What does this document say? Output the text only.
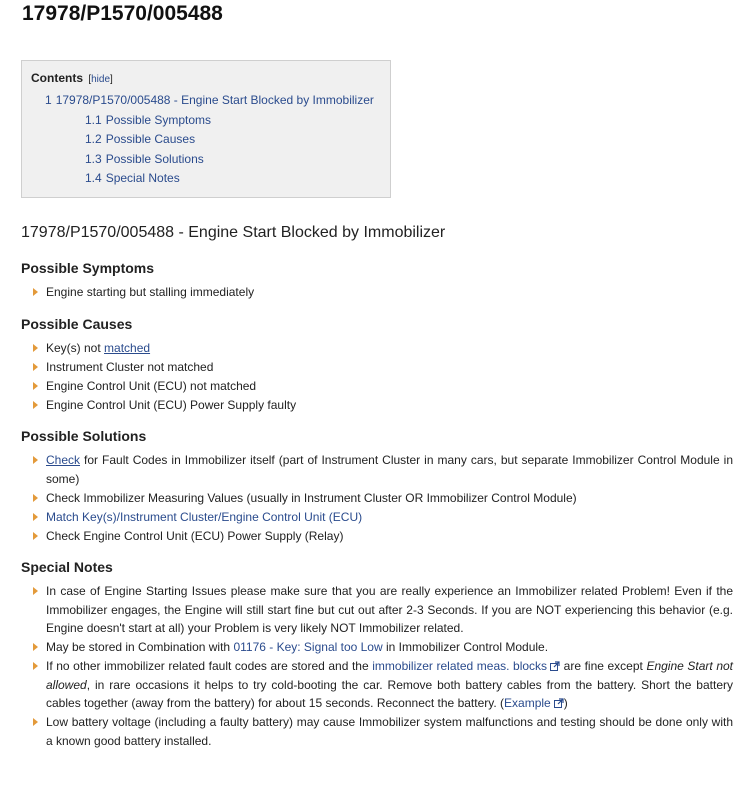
17978/P1570/005488
Contents [hide]
1 17978/P1570/005488 - Engine Start Blocked by Immobilizer
1.1 Possible Symptoms
1.2 Possible Causes
1.3 Possible Solutions
1.4 Special Notes
17978/P1570/005488 - Engine Start Blocked by Immobilizer
Possible Symptoms
Engine starting but stalling immediately
Possible Causes
Key(s) not matched
Instrument Cluster not matched
Engine Control Unit (ECU) not matched
Engine Control Unit (ECU) Power Supply faulty
Possible Solutions
Check for Fault Codes in Immobilizer itself (part of Instrument Cluster in many cars, but separate Immobilizer Control Module in some)
Check Immobilizer Measuring Values (usually in Instrument Cluster OR Immobilizer Control Module)
Match Key(s)/Instrument Cluster/Engine Control Unit (ECU)
Check Engine Control Unit (ECU) Power Supply (Relay)
Special Notes
In case of Engine Starting Issues please make sure that you are really experience an Immobilizer related Problem! Even if the Immobilizer engages, the Engine will still start fine but cut out after 2-3 Seconds. If you are NOT experiencing this behavior (e.g. Engine doesn't start at all) your Problem is very likely NOT Immobilizer related.
May be stored in Combination with 01176 - Key: Signal too Low in Immobilizer Control Module.
If no other immobilizer related fault codes are stored and the immobilizer related meas. blocks are fine except Engine Start not allowed, in rare occasions it helps to try cold-booting the car. Remove both battery cables from the battery. Short the battery cables together (away from the battery) for about 15 seconds. Reconnect the battery. (Example )
Low battery voltage (including a faulty battery) may cause Immobilizer system malfunctions and testing should be done only with a known good battery installed.
